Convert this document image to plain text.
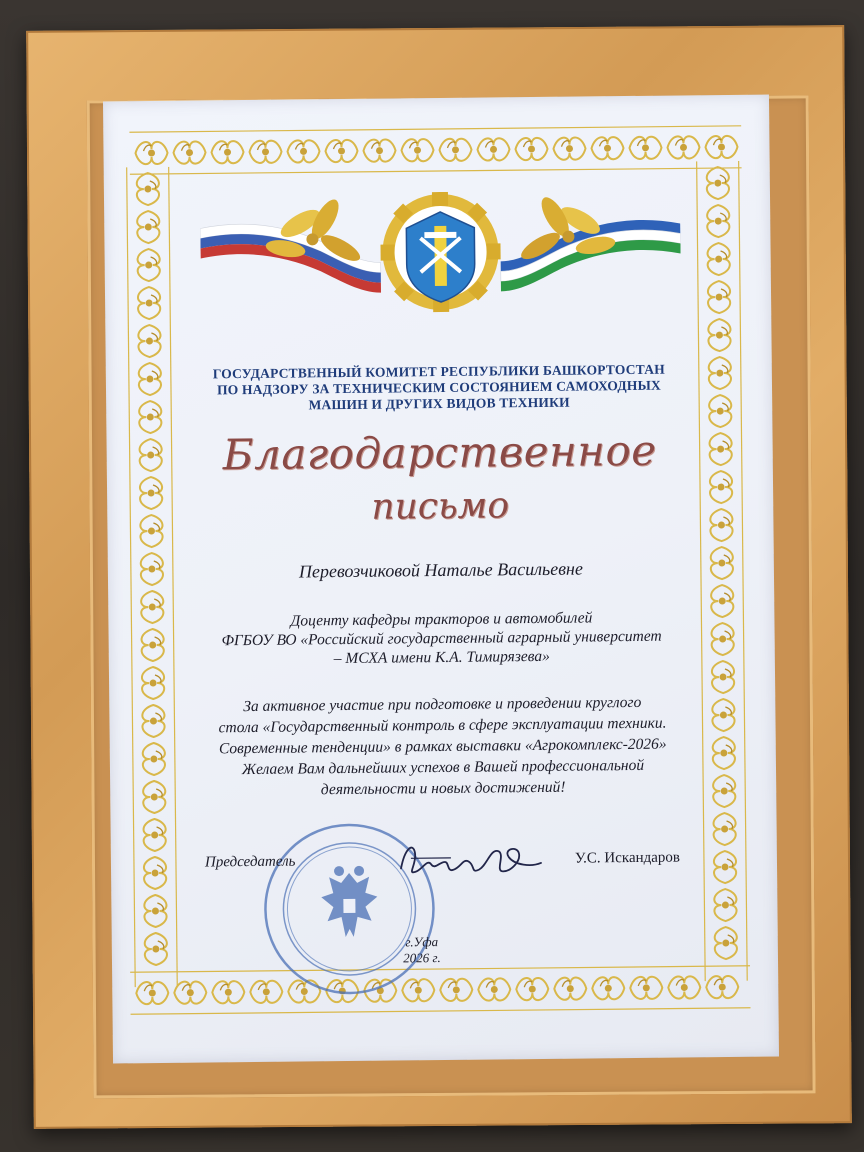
ГОСУДАРСТВЕННЫЙ КОМИТЕТ РЕСПУБЛИКИ БАШКОРТОСТАН
ПО НАДЗОРУ ЗА ТЕХНИЧЕСКИМ СОСТОЯНИЕМ САМОХОДНЫХ
МАШИН И ДРУГИХ ВИДОВ ТЕХНИКИ
Благодарственное
письмо
Перевозчиковой Наталье Васильевне
Доценту кафедры тракторов и автомобилей
ФГБОУ ВО «Российский государственный аграрный университет
– МСХА имени К.А. Тимирязева»
За активное участие при подготовке и проведении круглого
стола «Государственный контроль в сфере эксплуатации техники.
Современные тенденции» в рамках выставки «Агрокомплекс-2026»
Желаем Вам дальнейших успехов в Вашей профессиональной
деятельности и новых достижений!
Председатель	У.С. Искандаров
г.Уфа
2026 г.
